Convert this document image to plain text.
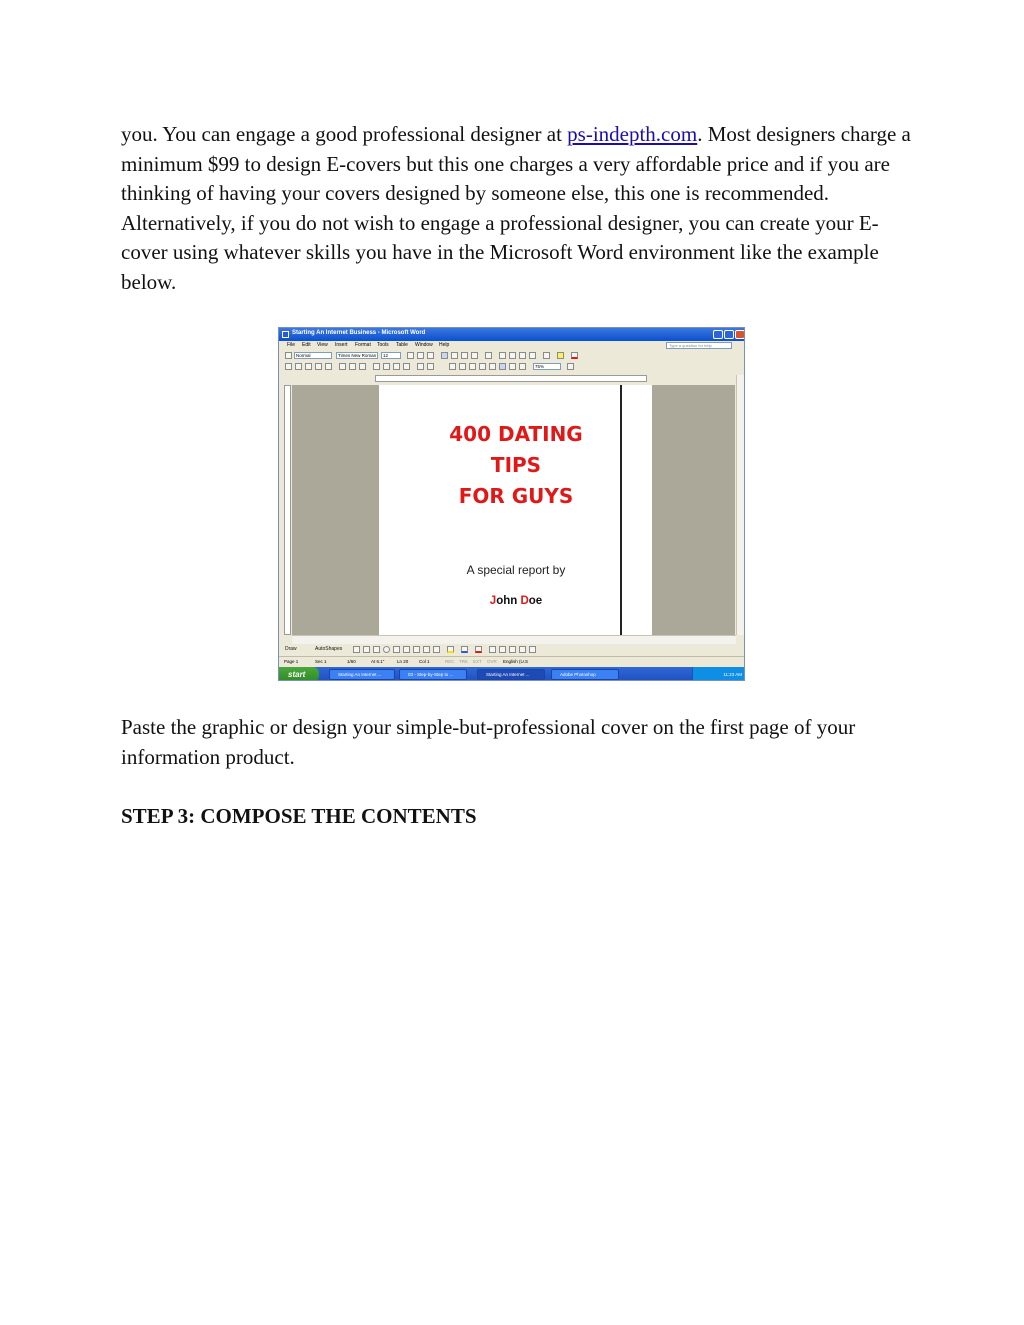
you. You can engage a good professional designer at ps-indepth.com. Most designers charge a minimum $99 to design E-covers but this one charges a very affordable price and if you are thinking of having your covers designed by someone else, this one is recommended. Alternatively, if you do not wish to engage a professional designer, you can create your E-cover using whatever skills you have in the Microsoft Word environment like the example below.

Starting An Internet Business - Microsoft Word
File Edit View Insert Format Tools Table Window Help	Type a question for help
Normal	Times New Roman	12
75%
400 DATING
TIPS
FOR GUYS
A special report by
John Doe
Draw	AutoShapes
Page 1	Sec 1	1/60	At 6.1"	Ln 20 Col 1	REC TRK EXT OVR English (U.S
start	Starting An Internet ...	03 - Step-by-Step to ...	Starting An Internet ...	Adobe Photoshop	11:23 AM

Paste the graphic or design your simple-but-professional cover on the first page of your information product.

STEP 3: COMPOSE THE CONTENTS
